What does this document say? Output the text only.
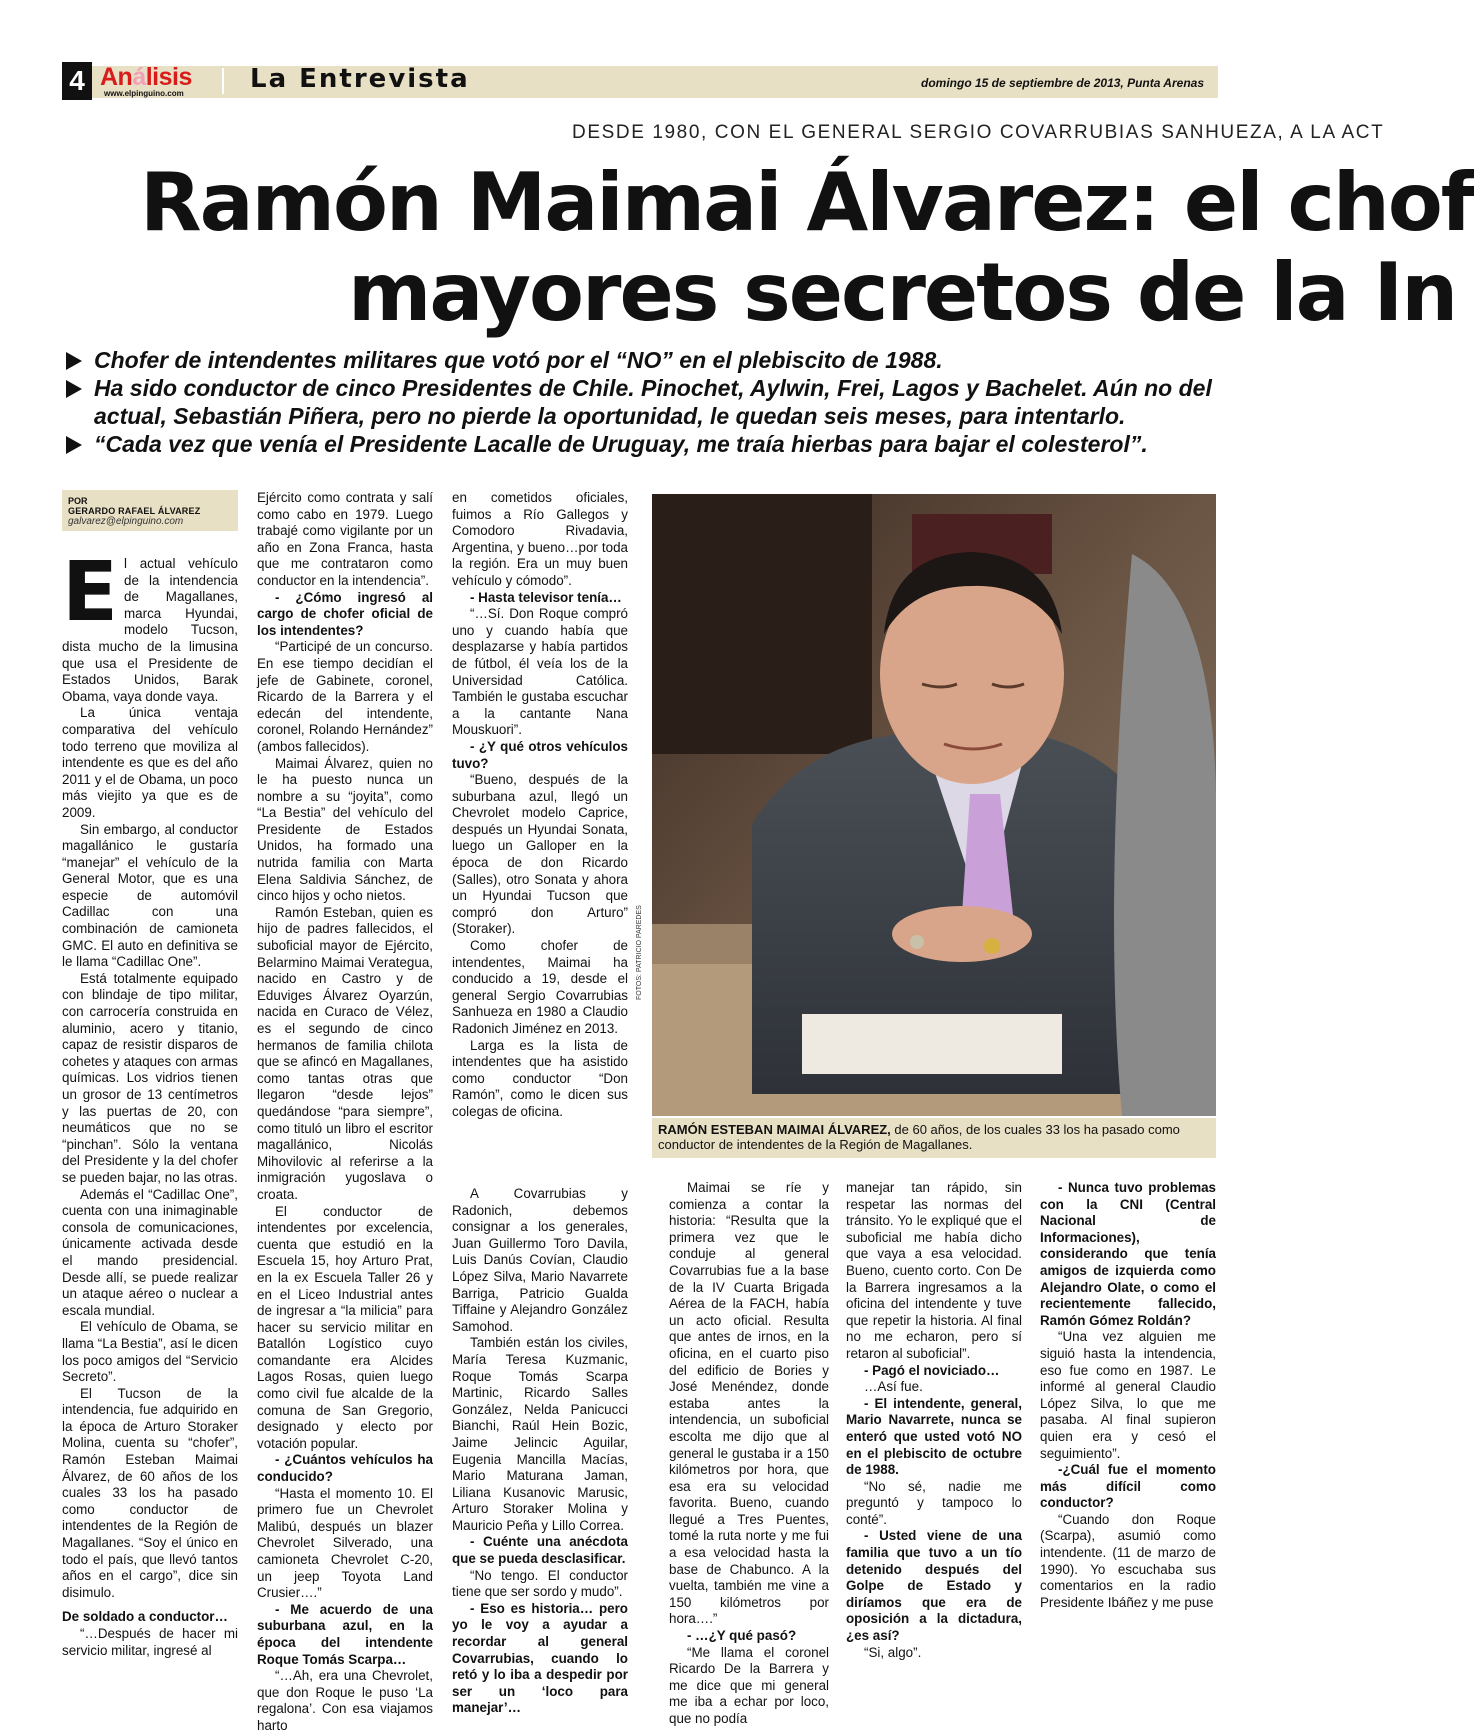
4 Análisis
www.elpinguino.com	La Entrevista	domingo 15 de septiembre de 2013, Punta Arenas
DESDE 1980, CON EL GENERAL SERGIO COVARRUBIAS SANHUEZA, A LA ACT
Ramón Maimai Álvarez: el chof
mayores secretos de la In
Chofer de intendentes militares que votó por el “NO” en el plebiscito de 1988.
Ha sido conductor de cinco Presidentes de Chile. Pinochet, Aylwin, Frei, Lagos y Bachelet. Aún no del actual, Sebastián Piñera, pero no pierde la oportunidad, le quedan seis meses, para intentarlo.
“Cada vez que venía el Presidente Lacalle de Uruguay, me traía hierbas para bajar el colesterol”.
POR
GERARDO RAFAEL ÁLVAREZ
galvarez@elpinguino.com

El actual vehículo de la intendencia de Magallanes, marca Hyundai, modelo Tucson, dista mucho de la limusina que usa el Presidente de Estados Unidos, Barak Obama, vaya donde vaya.

La única ventaja comparativa del vehículo todo terreno que moviliza al intendente es que es del año 2011 y el de Obama, un poco más viejito ya que es de 2009.

Sin embargo, al conductor magallánico le gustaría “manejar” el vehículo de la General Motor, que es una especie de automóvil Cadillac con una combinación de camioneta GMC. El auto en definitiva se le llama “Cadillac One”.

Está totalmente equipado con blindaje de tipo militar, con carrocería construida en aluminio, acero y titanio, capaz de resistir disparos de cohetes y ataques con armas químicas. Los vidrios tienen un grosor de 13 centímetros y las puertas de 20, con neumáticos que no se “pinchan”. Sólo la ventana del Presidente y la del chofer se pueden bajar, no las otras.

Además el “Cadillac One”, cuenta con una inimaginable consola de comunicaciones, únicamente activada desde el mando presidencial. Desde allí, se puede realizar un ataque aéreo o nuclear a escala mundial.

El vehículo de Obama, se llama “La Bestia”, así le dicen los poco amigos del “Servicio Secreto”.

El Tucson de la intendencia, fue adquirido en la época de Arturo Storaker Molina, cuenta su “chofer”, Ramón Esteban Maimai Álvarez, de 60 años de los cuales 33 los ha pasado como conductor de intendentes de la Región de Magallanes. “Soy el único en todo el país, que llevó tantos años en el cargo”, dice sin disimulo.

De soldado a conductor…

“…Después de hacer mi servicio militar, ingresé al

Ejército como contrata y salí como cabo en 1979. Luego trabajé como vigilante por un año en Zona Franca, hasta que me contrataron como conductor en la intendencia”.

- ¿Cómo ingresó al cargo de chofer oficial de los intendentes?

“Participé de un concurso. En ese tiempo decidían el jefe de Gabinete, coronel, Ricardo de la Barrera y el edecán del intendente, coronel, Rolando Hernández” (ambos fallecidos).

Maimai Álvarez, quien no le ha puesto nunca un nombre a su “joyita”, como “La Bestia” del vehículo del Presidente de Estados Unidos, ha formado una nutrida familia con Marta Elena Saldivia Sánchez, de cinco hijos y ocho nietos.

Ramón Esteban, quien es hijo de padres fallecidos, el suboficial mayor de Ejército, Belarmino Maimai Verategua, nacido en Castro y de Eduviges Álvarez Oyarzún, nacida en Curaco de Vélez, es el segundo de cinco hermanos de familia chilota que se afincó en Magallanes, como tantas otras que llegaron “desde lejos” quedándose “para siempre”, como tituló un libro el escritor magallánico, Nicolás Mihovilovic al referirse a la inmigración yugoslava o croata.

El conductor de intendentes por excelencia, cuenta que estudió en la Escuela 15, hoy Arturo Prat, en la ex Escuela Taller 26 y en el Liceo Industrial antes de ingresar a “la milicia” para hacer su servicio militar en Batallón Logístico cuyo comandante era Alcides Lagos Rosas, quien luego como civil fue alcalde de la comuna de San Gregorio, designado y electo por votación popular.

- ¿Cuántos vehículos ha conducido?

“Hasta el momento 10. El primero fue un Chevrolet Malibú, después un blazer Chevrolet Silverado, una camioneta Chevrolet C-20, un jeep Toyota Land Crusier….”

- Me acuerdo de una suburbana azul, en la época del intendente Roque Tomás Scarpa…

“…Ah, era una Chevrolet, que don Roque le puso ‘La regalona’. Con esa viajamos harto

en cometidos oficiales, fuimos a Río Gallegos y Comodoro Rivadavia, Argentina, y bueno…por toda la región. Era un muy buen vehículo y cómodo”.

- Hasta televisor tenía…

“…Sí. Don Roque compró uno y cuando había que desplazarse y había partidos de fútbol, él veía los de la Universidad Católica. También le gustaba escuchar a la cantante Nana Mouskuori”.

- ¿Y qué otros vehículos tuvo?

“Bueno, después de la suburbana azul, llegó un Chevrolet modelo Caprice, después un Hyundai Sonata, luego un Galloper en la época de don Ricardo (Salles), otro Sonata y ahora un Hyundai Tucson que compró don Arturo” (Storaker).

Como chofer de intendentes, Maimai ha conducido a 19, desde el general Sergio Covarrubias Sanhueza en 1980 a Claudio Radonich Jiménez en 2013.

Larga es la lista de intendentes que ha asistido como conductor “Don Ramón”, como le dicen sus colegas de oficina.

A Covarrubias y Radonich, debemos consignar a los generales, Juan Guillermo Toro Davila, Luis Danús Covían, Claudio López Silva, Mario Navarrete Barriga, Patricio Gualda Tiffaine y Alejandro González Samohod.

También están los civiles, María Teresa Kuzmanic, Roque Tomás Scarpa Martinic, Ricardo Salles González, Nelda Panicucci Bianchi, Raúl Hein Bozic, Jaime Jelincic Aguilar, Eugenia Mancilla Macías, Mario Maturana Jaman, Liliana Kusanovic Marusic, Arturo Storaker Molina y Mauricio Peña y Lillo Correa.

- Cuénte una anécdota que se pueda desclasificar.

“No tengo. El conductor tiene que ser sordo y mudo”.

- Eso es historia… pero yo le voy a ayudar a recordar al general Covarrubias, cuando lo retó y lo iba a despedir por ser un ‘loco para manejar’…

FOTOS: PATRICIO PAREDES
RAMÓN ESTEBAN MAIMAI ÁLVAREZ, de 60 años, de los cuales 33 los ha pasado como conductor de intendentes de la Región de Magallanes.

Maimai se ríe y comienza a contar la historia: “Resulta que la primera vez que le conduje al general Covarrubias fue a la base de la IV Cuarta Brigada Aérea de la FACH, había un acto oficial. Resulta que antes de irnos, en la oficina, en el cuarto piso del edificio de Bories y José Menéndez, donde estaba antes la intendencia, un suboficial escolta me dijo que al general le gustaba ir a 150 kilómetros por hora, que esa era su velocidad favorita. Bueno, cuando llegué a Tres Puentes, tomé la ruta norte y me fui a esa velocidad hasta la base de Chabunco. A la vuelta, también me vine a 150 kilómetros por hora….”

- …¿Y qué pasó?

“Me llama el coronel Ricardo De la Barrera y me dice que mi general me iba a echar por loco, que no podía

manejar tan rápido, sin respetar las normas del tránsito. Yo le expliqué que el suboficial me había dicho que vaya a esa velocidad. Bueno, cuento corto. Con De la Barrera ingresamos a la oficina del intendente y tuve que repetir la historia. Al final no me echaron, pero sí retaron al suboficial”.

- Pagó el noviciado…

…Así fue.

- El intendente, general, Mario Navarrete, nunca se enteró que usted votó NO en el plebiscito de octubre de 1988.

“No sé, nadie me preguntó y tampoco lo conté”.

- Usted viene de una familia que tuvo a un tío detenido después del Golpe de Estado y diríamos que era de oposición a la dictadura, ¿es así?

“Si, algo”.

- Nunca tuvo problemas con la CNI (Central Nacional de Informaciones), considerando que tenía amigos de izquierda como Alejandro Olate, o como el recientemente fallecido, Ramón Gómez Roldán?

“Una vez alguien me siguió hasta la intendencia, eso fue como en 1987. Le informé al general Claudio López Silva, lo que me pasaba. Al final supieron quien era y cesó el seguimiento”.

-¿Cuál fue el momento más difícil como conductor?

“Cuando don Roque (Scarpa), asumió como intendente. (11 de marzo de 1990). Yo escuchaba sus comentarios en la radio Presidente Ibáñez y me puse
